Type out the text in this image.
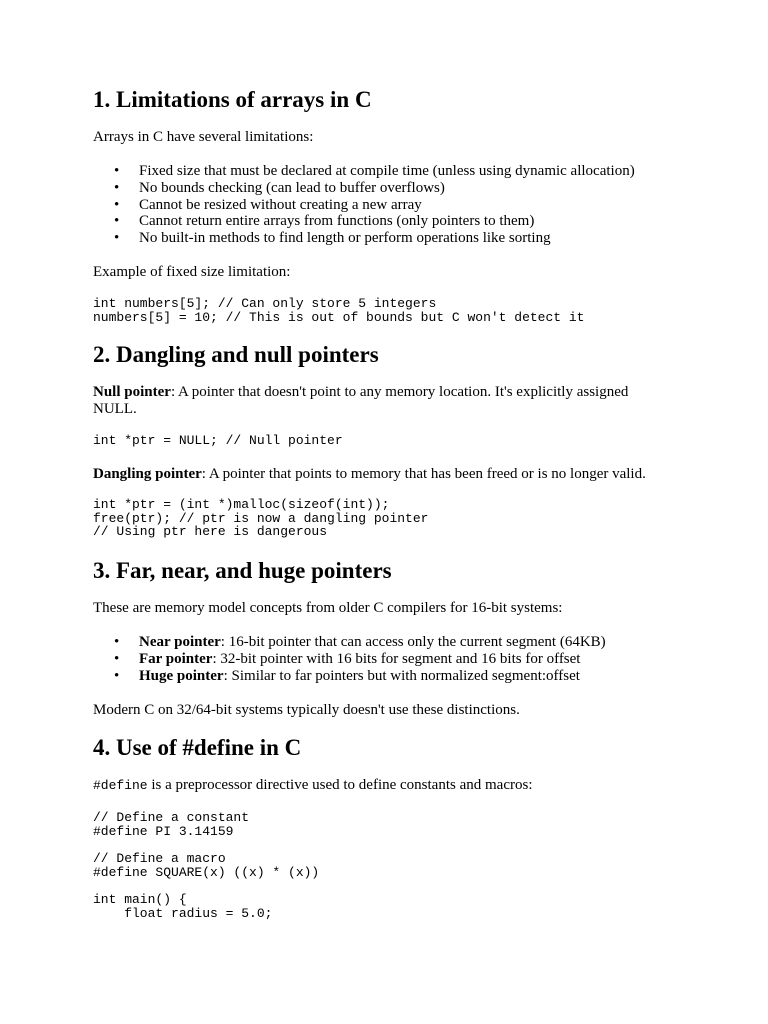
1. Limitations of arrays in C

Arrays in C have several limitations:

• Fixed size that must be declared at compile time (unless using dynamic allocation)
• No bounds checking (can lead to buffer overflows)
• Cannot be resized without creating a new array
• Cannot return entire arrays from functions (only pointers to them)
• No built-in methods to find length or perform operations like sorting

Example of fixed size limitation:

int numbers[5]; // Can only store 5 integers
numbers[5] = 10; // This is out of bounds but C won't detect it
2. Dangling and null pointers

Null pointer: A pointer that doesn't point to any memory location. It's explicitly assigned NULL.

int *ptr = NULL; // Null pointer

Dangling pointer: A pointer that points to memory that has been freed or is no longer valid.

int *ptr = (int *)malloc(sizeof(int));
free(ptr); // ptr is now a dangling pointer
// Using ptr here is dangerous
3. Far, near, and huge pointers

These are memory model concepts from older C compilers for 16-bit systems:

• Near pointer: 16-bit pointer that can access only the current segment (64KB)
• Far pointer: 32-bit pointer with 16 bits for segment and 16 bits for offset
• Huge pointer: Similar to far pointers but with normalized segment:offset

Modern C on 32/64-bit systems typically doesn't use these distinctions.

4. Use of #define in C

#define is a preprocessor directive used to define constants and macros:

// Define a constant
#define PI 3.14159

// Define a macro
#define SQUARE(x) ((x) * (x))

int main() {
float radius = 5.0;
